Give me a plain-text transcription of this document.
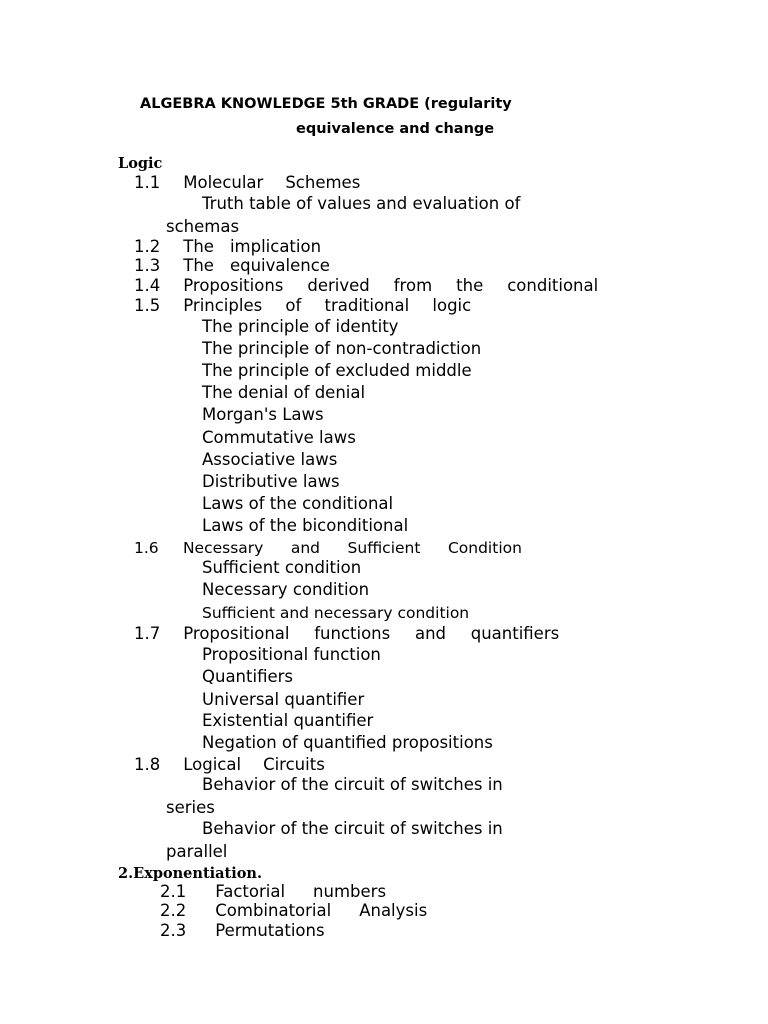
ALGEBRA KNOWLEDGE 5th GRADE (regularity
equivalence and change
Logic
1.1 Molecular Schemes
Truth table of values and evaluation of
schemas
1.2 The implication
1.3 The equivalence
1.4 Propositions derived from the conditional
1.5 Principles of traditional logic
The principle of identity
The principle of non-contradiction
The principle of excluded middle
The denial of denial
Morgan's Laws
Commutative laws
Associative laws
Distributive laws
Laws of the conditional
Laws of the biconditional
1.6 Necessary and Sufficient Condition
Sufficient condition
Necessary condition
Sufficient and necessary condition
1.7 Propositional functions and quantifiers
Propositional function
Quantifiers
Universal quantifier
Existential quantifier
Negation of quantified propositions
1.8 Logical Circuits
Behavior of the circuit of switches in
series
Behavior of the circuit of switches in
parallel
2.Exponentiation.
2.1 Factorial numbers
2.2 Combinatorial Analysis
2.3 Permutations
